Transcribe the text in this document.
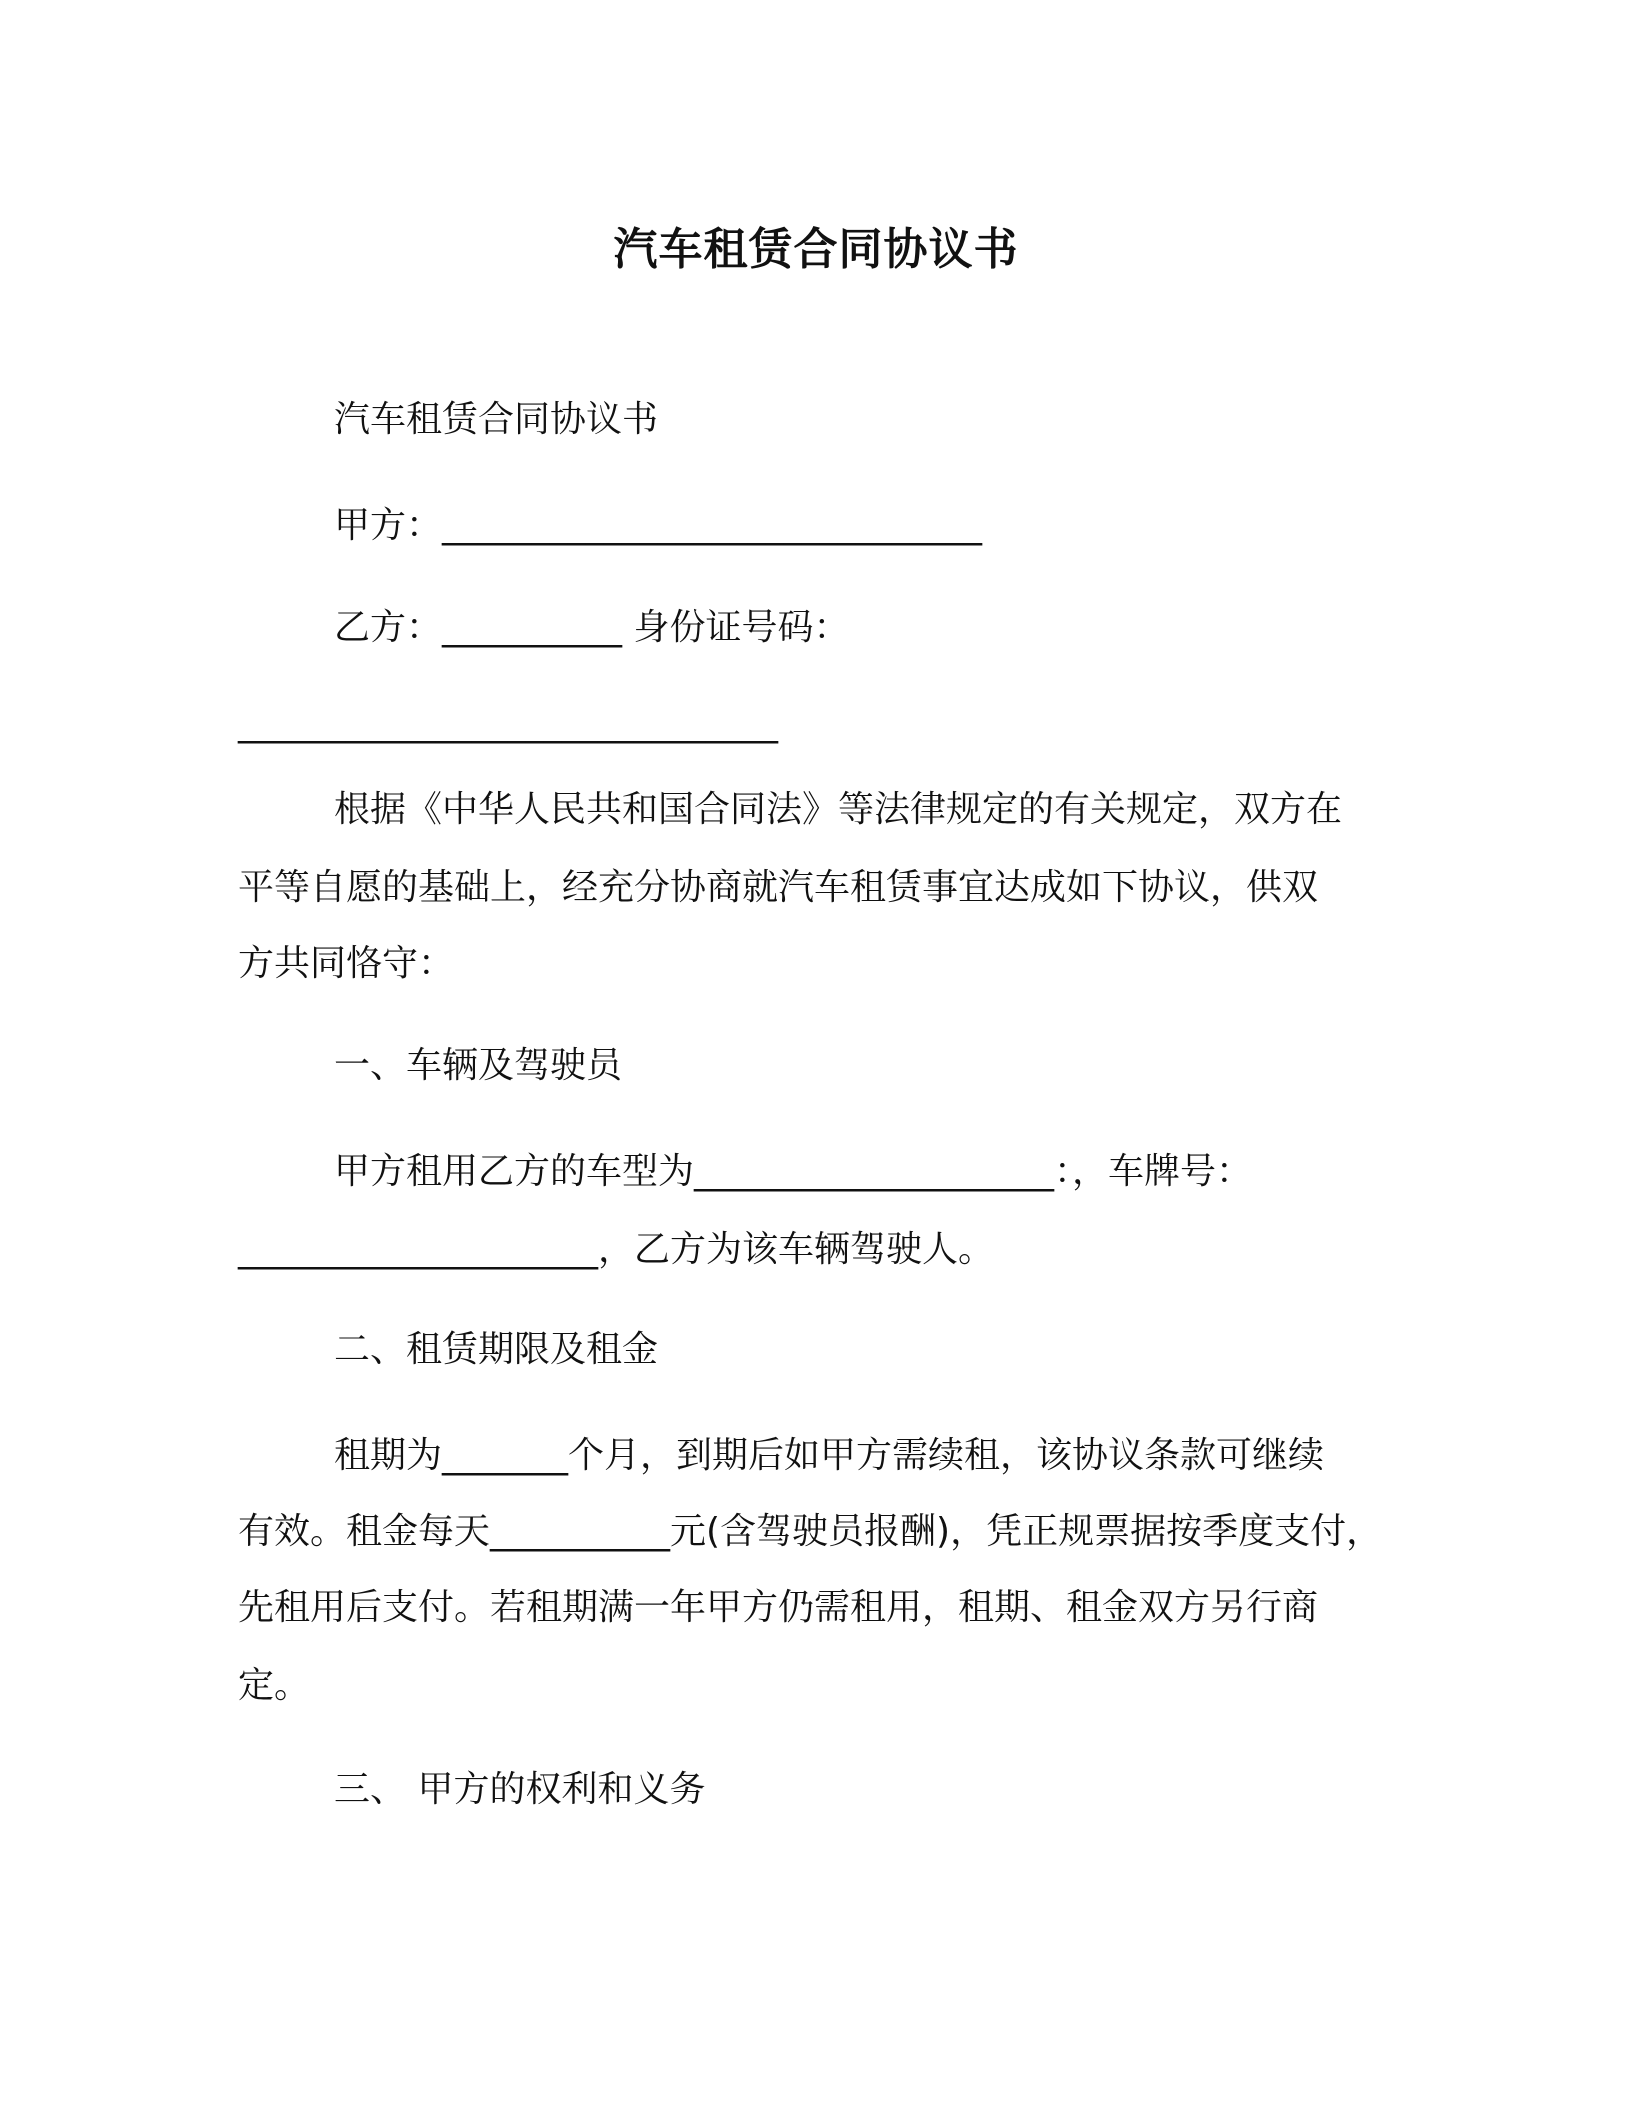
汽车租赁合同协议书
汽车租赁合同协议书
甲方：______________________________
乙方：__________ 身份证号码：
______________________________
根据《中华人民共和国合同法》等法律规定的有关规定，双方在
平等自愿的基础上，经充分协商就汽车租赁事宜达成如下协议，供双
方共同恪守：
一、车辆及驾驶员
甲方租用乙方的车型为____________________：，车牌号：
____________________，乙方为该车辆驾驶人。
二、租赁期限及租金
租期为_______个月，到期后如甲方需续租，该协议条款可继续
有效。租金每天__________元(含驾驶员报酬)，凭正规票据按季度支付，
先租用后支付。若租期满一年甲方仍需租用，租期、租金双方另行商
定。
三、 甲方的权利和义务
